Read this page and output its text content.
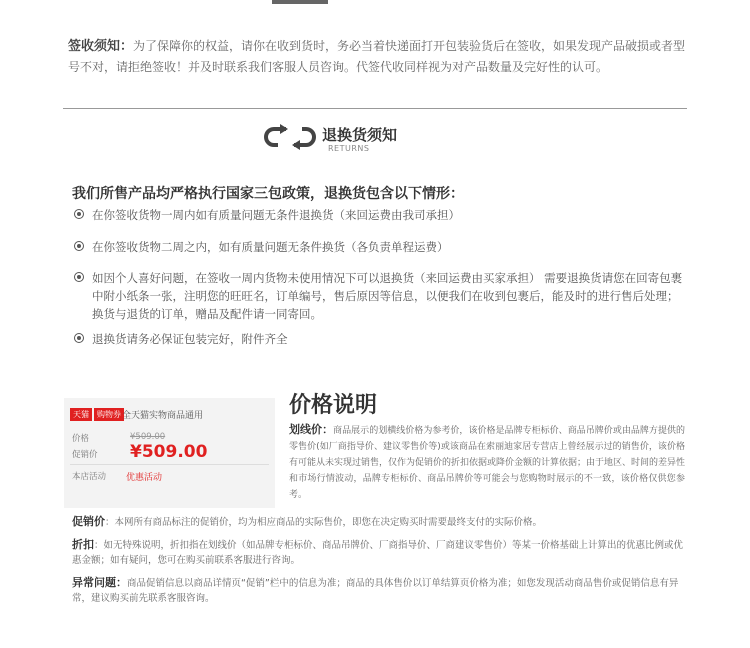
签收须知：为了保障你的权益，请你在收到货时，务必当着快递面打开包装验货后在签收，如果发现产品破损或者型号不对，请拒绝签收！并及时联系我们客服人员咨询。代签代收同样视为对产品数量及完好性的认可。
退换货须知
RETURNS
我们所售产品均严格执行国家三包政策，退换货包含以下情形：
在你签收货物一周内如有质量问题无条件退换货（来回运费由我司承担）
在你签收货物二周之内，如有质量问题无条件换货（各负责单程运费）
如因个人喜好问题，在签收一周内货物未使用情况下可以退换货（来回运费由买家承担） 需要退换货请您在回寄包裹中附小纸条一张，注明您的旺旺名，订单编号，售后原因等信息，以便我们在收到包裹后，能及时的进行售后处理；换货与退货的订单，赠品及配件请一同寄回。
退换货请务必保证包装完好，附件齐全
天猫	购物券 全天猫实物商品通用
价格	¥509.00
促销价 ¥509.00
本店活动 优惠活动
价格说明
划线价：商品展示的划横线价格为参考价，该价格是品牌专柜标价、商品吊牌价或由品牌方提供的零售价(如厂商指导价、建议零售价等)或该商品在索丽迪家居专营店上曾经展示过的销售价，该价格有可能从未实现过销售，仅作为促销价的折扣依据或降价金额的计算依据；由于地区、时间的差异性和市场行情波动，品牌专柜标价、商品吊牌价等可能会与您购物时展示的不一致，该价格仅供您参考。
促销价：本网所有商品标注的促销价，均为相应商品的实际售价，即您在决定购买时需要最终支付的实际价格。
折扣：如无特殊说明，折扣指在划线价（如品牌专柜标价、商品吊牌价、厂商指导价、厂商建议零售价）等某一价格基础上计算出的优惠比例或优惠金额；如有疑问，您可在购买前联系客服进行咨询。
异常问题：商品促销信息以商品详情页“促销”栏中的信息为准；商品的具体售价以订单结算页价格为准；如您发现活动商品售价或促销信息有异常，建议购买前先联系客服咨询。
